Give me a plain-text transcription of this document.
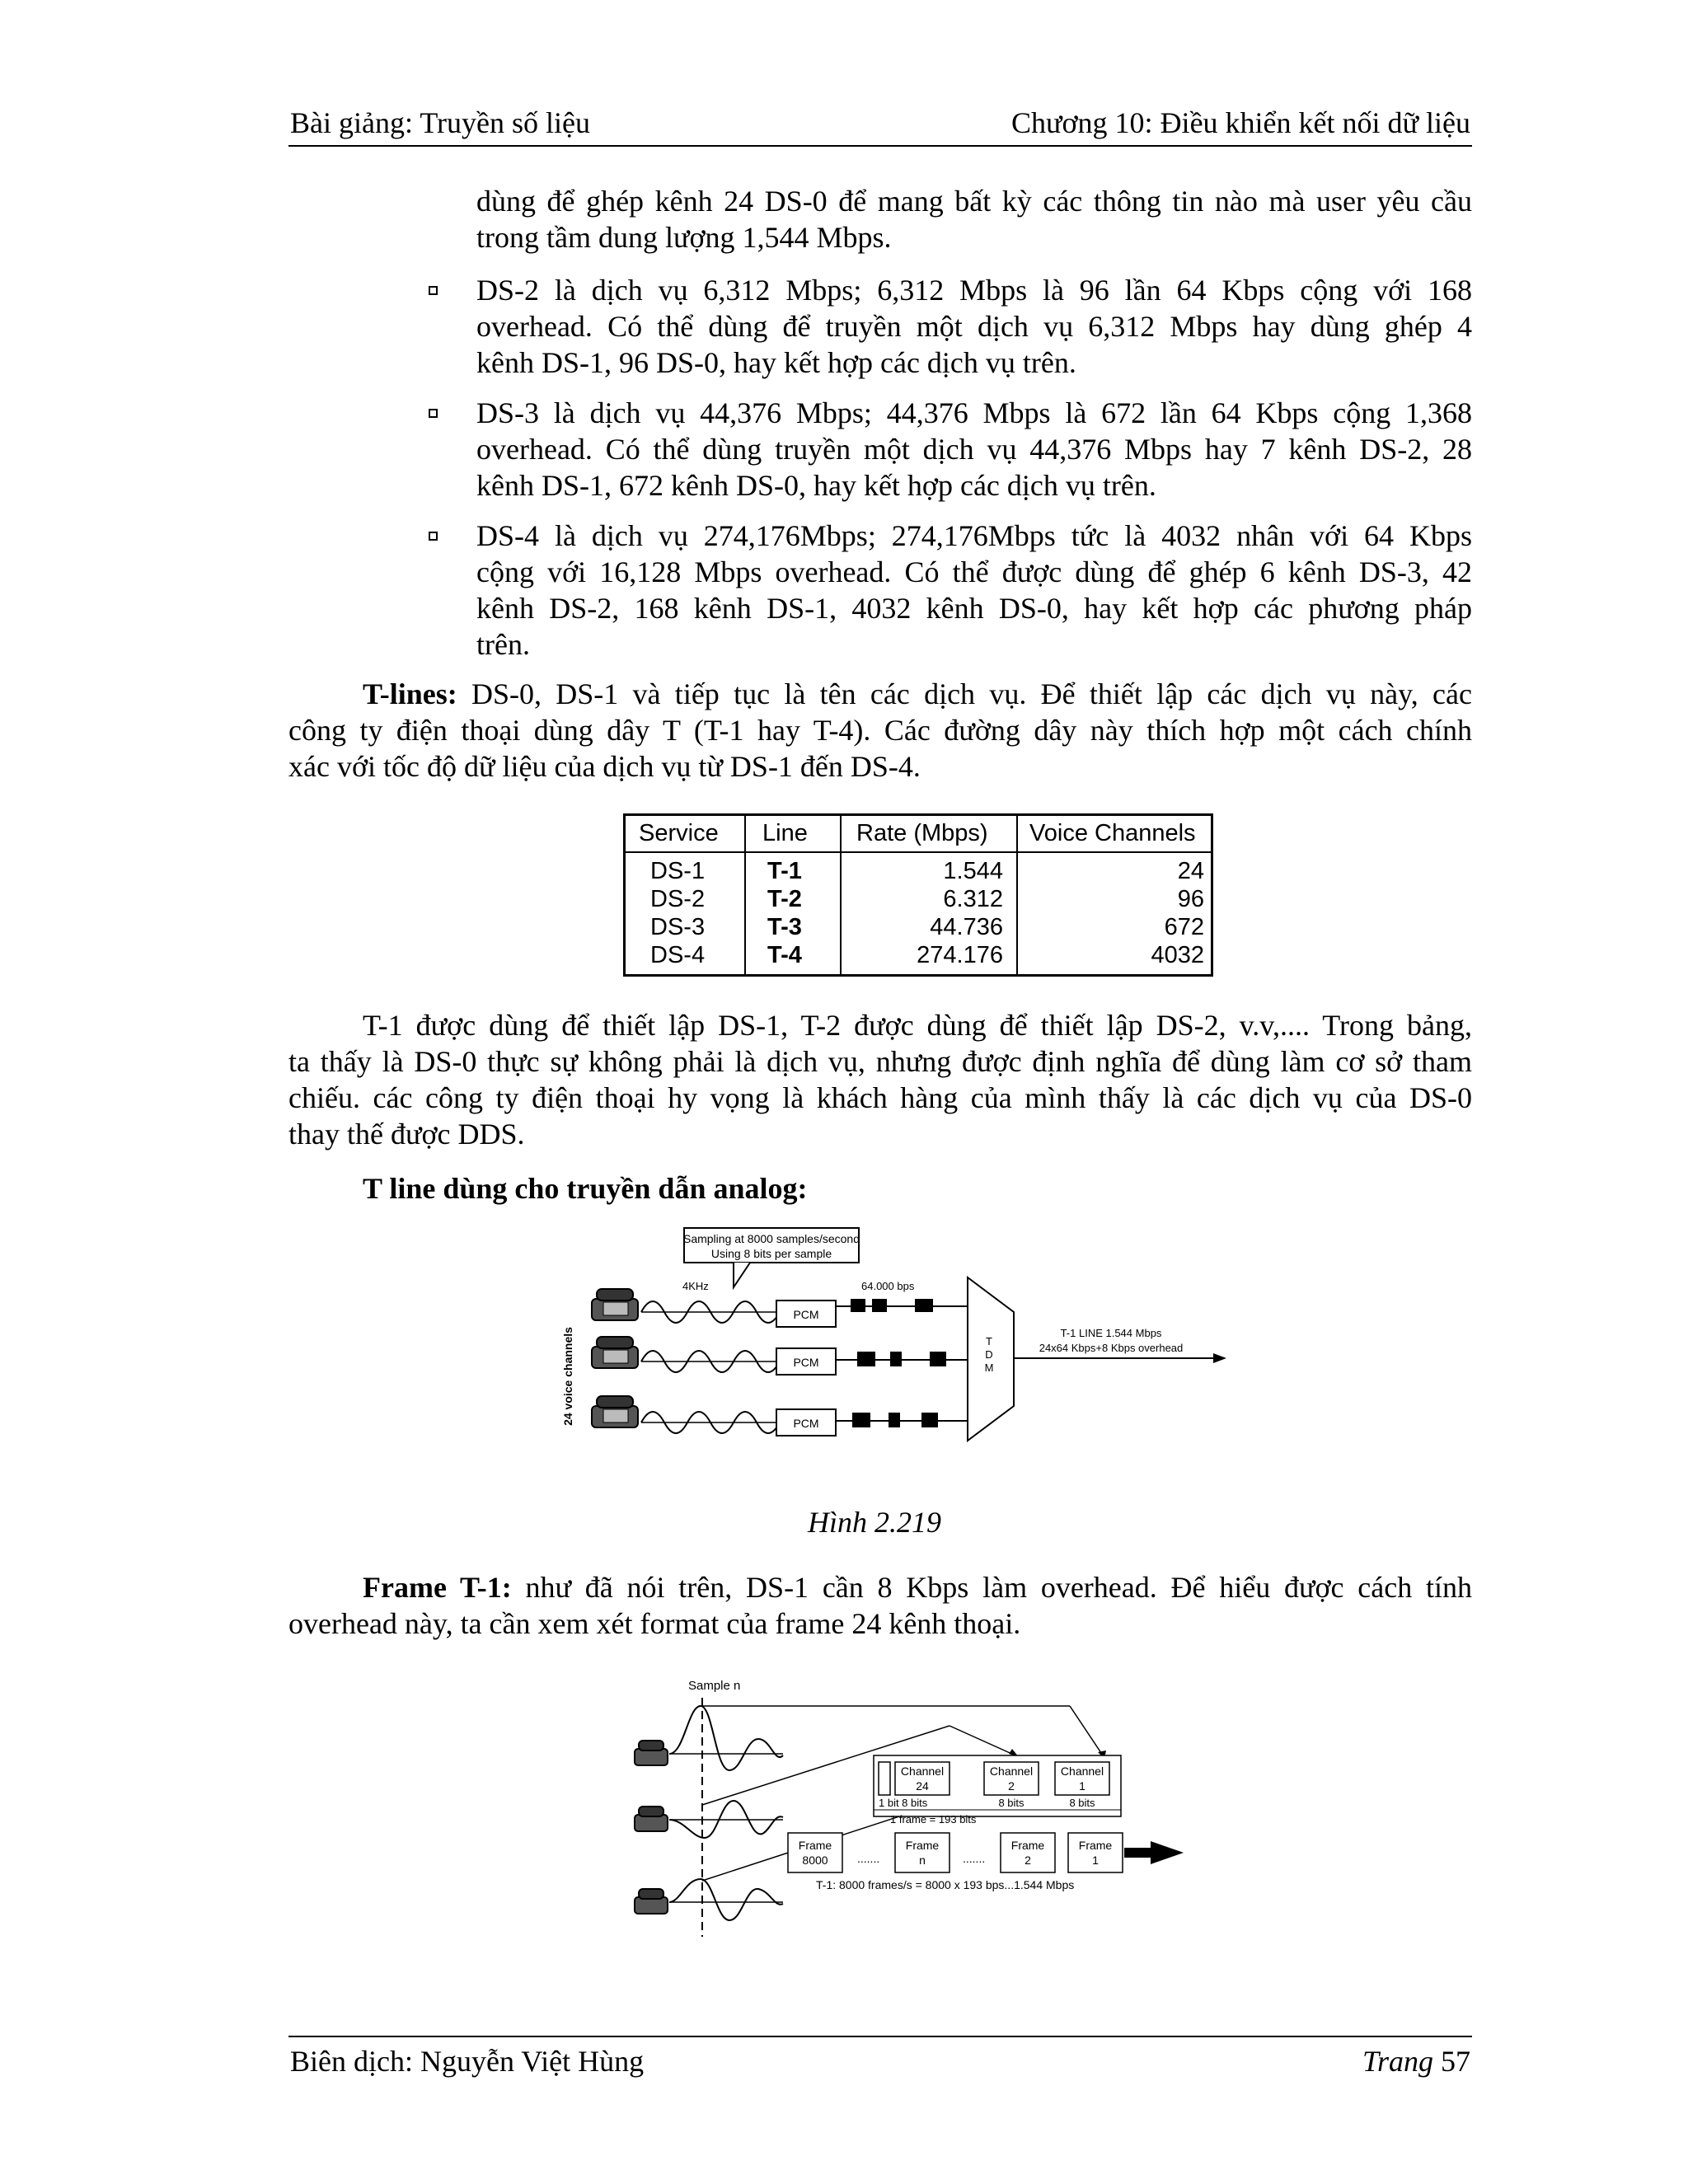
Bài giảng: Truyền số liệu	Chương 10: Điều khiển kết nối dữ liệu
dùng để ghép kênh 24 DS-0 để mang bất kỳ các thông tin nào mà user yêu cầu
trong tầm dung lượng 1,544 Mbps.
DS-2 là dịch vụ 6,312 Mbps; 6,312 Mbps là 96 lần 64 Kbps cộng với 168
overhead. Có thể dùng để truyền một dịch vụ 6,312 Mbps hay dùng ghép 4
kênh DS-1, 96 DS-0, hay kết hợp các dịch vụ trên.
DS-3 là dịch vụ 44,376 Mbps; 44,376 Mbps là 672 lần 64 Kbps cộng 1,368
overhead. Có thể dùng truyền một dịch vụ 44,376 Mbps hay 7 kênh DS-2, 28
kênh DS-1, 672 kênh DS-0, hay kết hợp các dịch vụ trên.
DS-4 là dịch vụ 274,176Mbps; 274,176Mbps tức là 4032 nhân với 64 Kbps
cộng với 16,128 Mbps overhead. Có thể được dùng để ghép 6 kênh DS-3, 42
kênh DS-2, 168 kênh DS-1, 4032 kênh DS-0, hay kết hợp các phương pháp
trên.
T-lines: DS-0, DS-1 và tiếp tục là tên các dịch vụ. Để thiết lập các dịch vụ này, các
công ty điện thoại dùng dây T (T-1 hay T-4). Các đường dây này thích hợp một cách chính
xác với tốc độ dữ liệu của dịch vụ từ DS-1 đến DS-4.
Service Line Rate (Mbps) Voice Channels
DS-1	T-1	1.544	24
DS-2	T-2	6.312	96
DS-3	T-3	44.736	672
DS-4	T-4	274.176	4032
T-1 được dùng để thiết lập DS-1, T-2 được dùng để thiết lập DS-2, v.v,.... Trong bảng,
ta thấy là DS-0 thực sự không phải là dịch vụ, nhưng được định nghĩa để dùng làm cơ sở tham
chiếu. các công ty điện thoại hy vọng là khách hàng của mình thấy là các dịch vụ của DS-0
thay thế được DDS.
T line dùng cho truyền dẫn analog:
Sampling at 8000 samples/second
Using 8 bits per sample
4KHz	64.000 bps
24 voice channels
PCM
PCM
PCM
T
D
M
T-1 LINE 1.544 Mbps
24x64 Kbps+8 Kbps overhead
Hình 2.219
Frame T-1: như đã nói trên, DS-1 cần 8 Kbps làm overhead. Để hiểu được cách tính
overhead này, ta cần xem xét format của frame 24 kênh thoại.
Sample n
Channel
24
Channel
2
Channel
1
1 bit 8 bits	8 bits	8 bits
1 frame = 193 bits
Frame
8000	.......
Frame
n	.......
Frame
2
Frame
1
T-1: 8000 frames/s = 8000 x 193 bps...1.544 Mbps
Biên dịch: Nguyễn Việt Hùng	Trang 57
